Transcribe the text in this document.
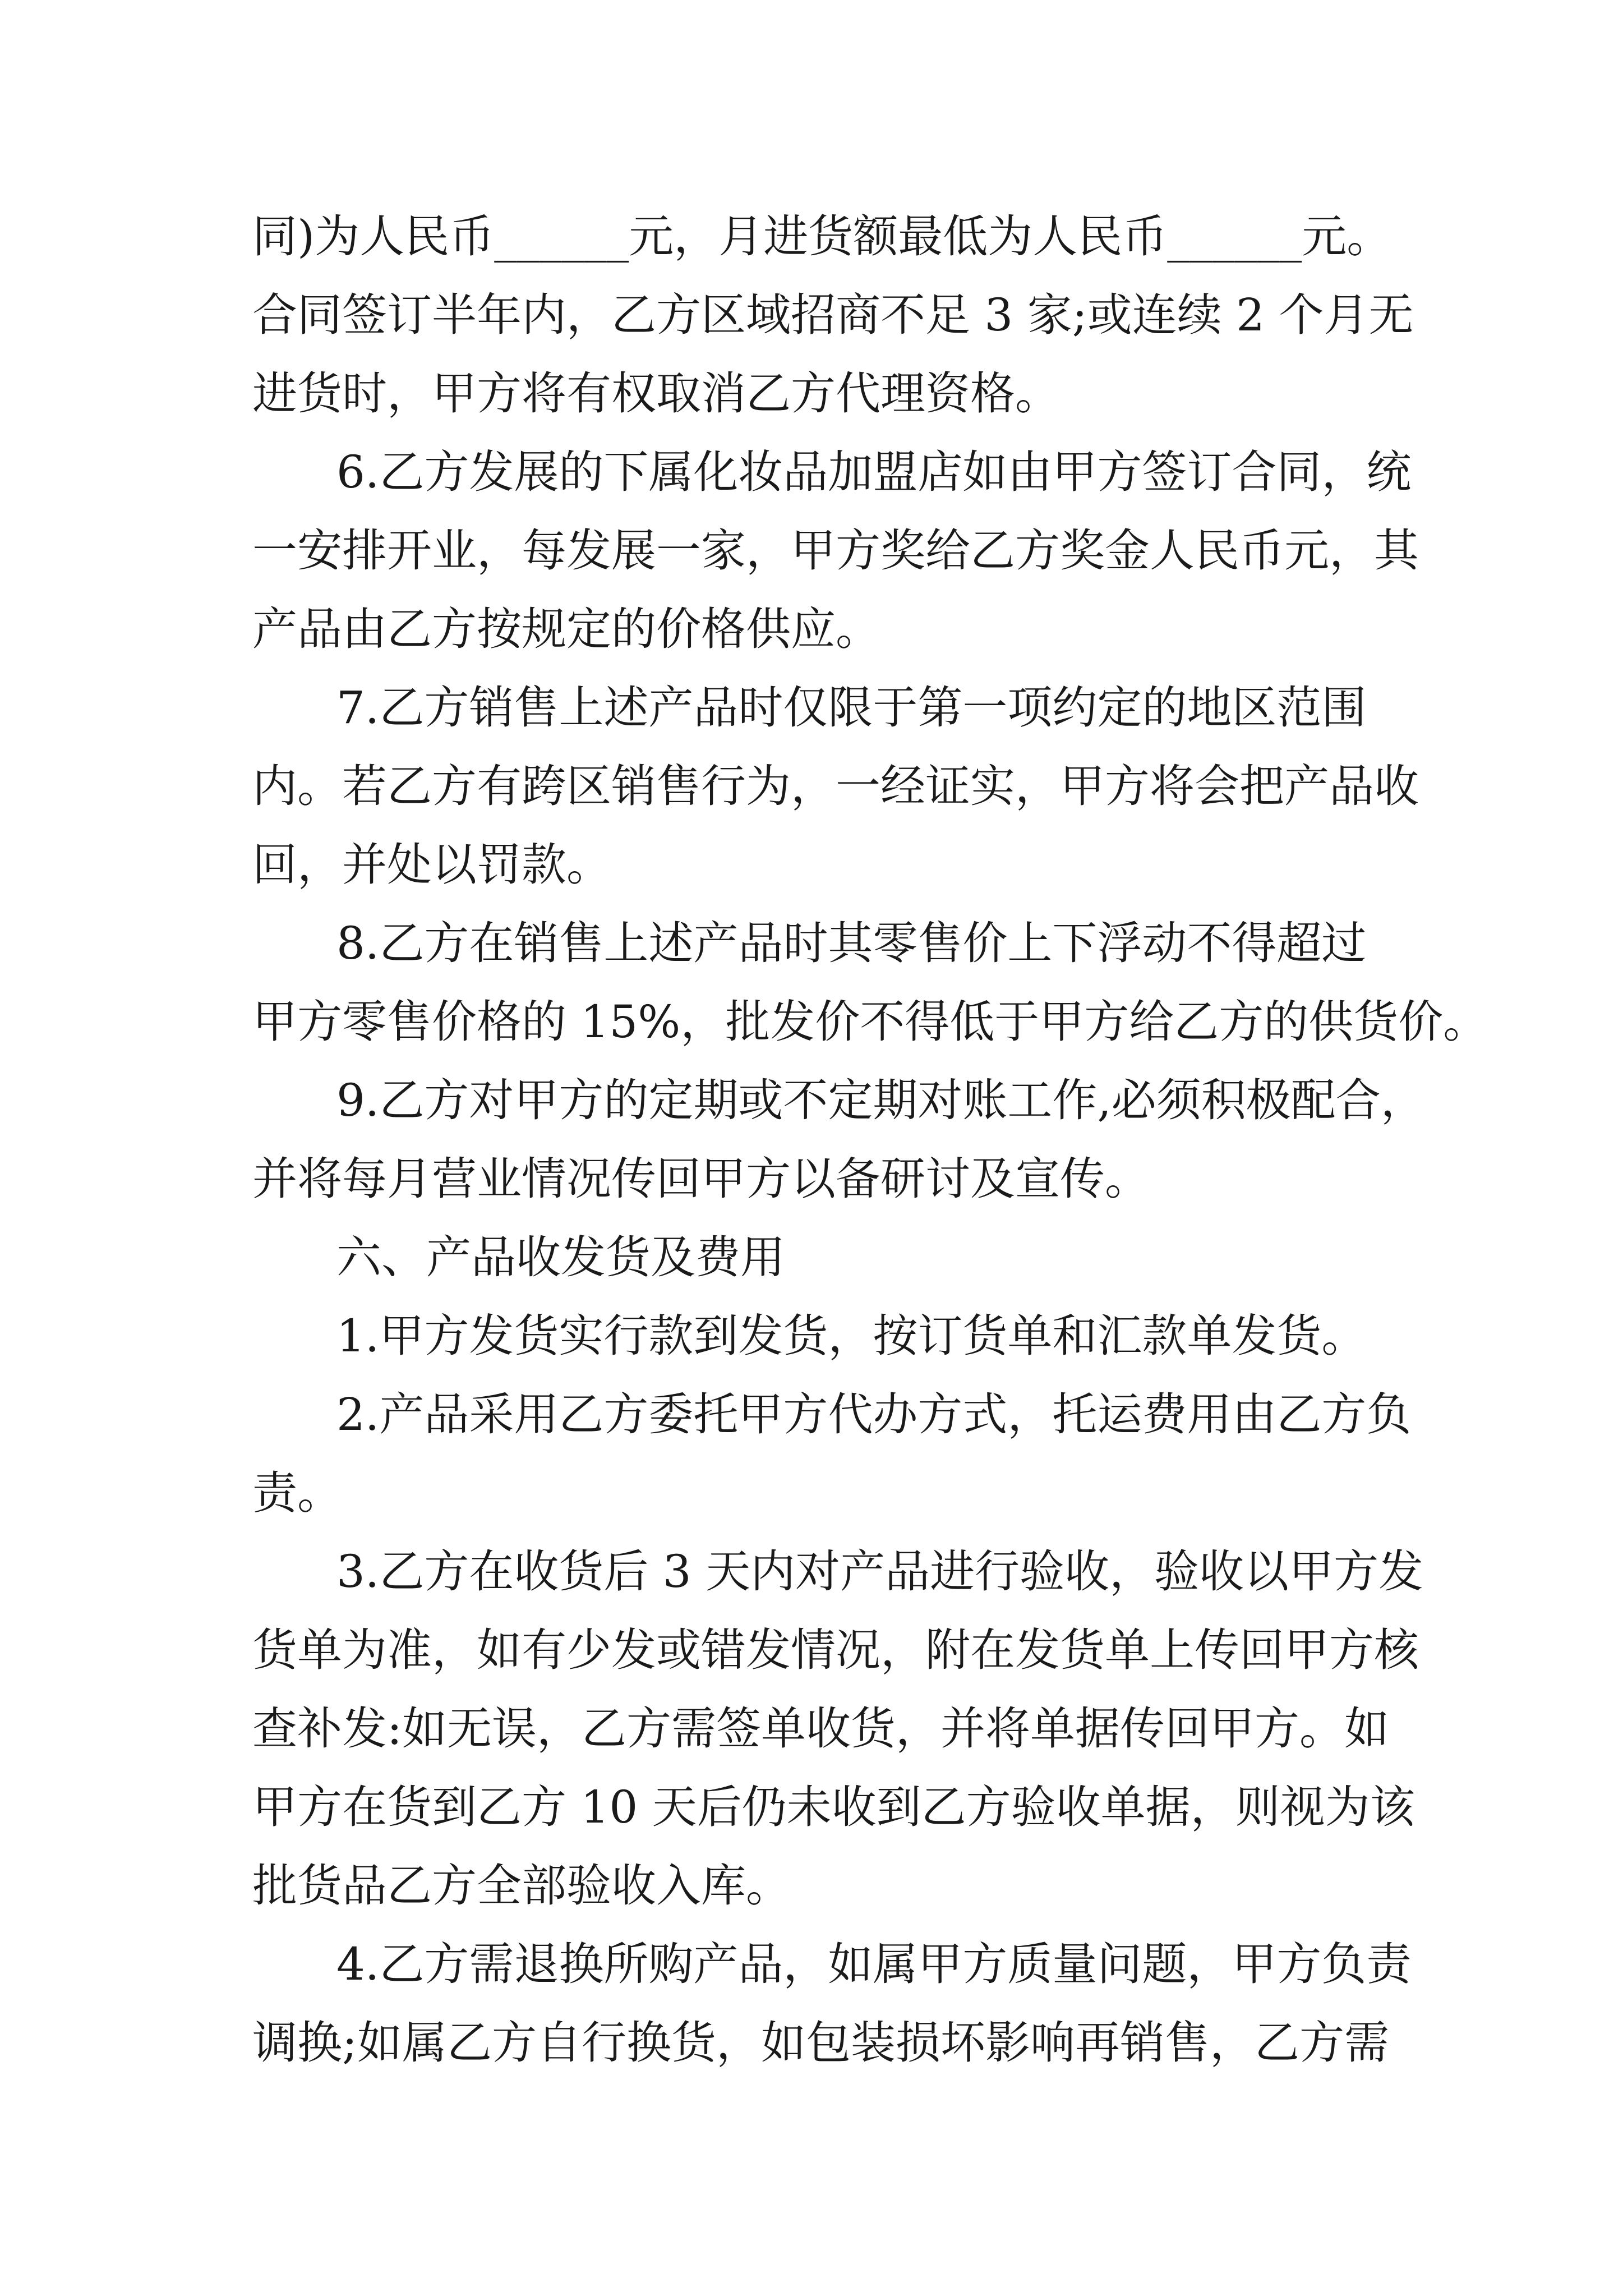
同)为人民币______元，月进货额最低为人民币______元。
合同签订半年内，乙方区域招商不足 3 家;或连续 2 个月无
进货时，甲方将有权取消乙方代理资格。
6.乙方发展的下属化妆品加盟店如由甲方签订合同，统
一安排开业，每发展一家，甲方奖给乙方奖金人民币元，其
产品由乙方按规定的价格供应。
7.乙方销售上述产品时仅限于第一项约定的地区范围
内。若乙方有跨区销售行为，一经证实，甲方将会把产品收
回，并处以罚款。
8.乙方在销售上述产品时其零售价上下浮动不得超过
甲方零售价格的 15%，批发价不得低于甲方给乙方的供货价。
9.乙方对甲方的定期或不定期对账工作,必须积极配合，
并将每月营业情况传回甲方以备研讨及宣传。
六、产品收发货及费用
1.甲方发货实行款到发货，按订货单和汇款单发货。
2.产品采用乙方委托甲方代办方式，托运费用由乙方负
责。
3.乙方在收货后 3 天内对产品进行验收，验收以甲方发
货单为准，如有少发或错发情况，附在发货单上传回甲方核
查补发:如无误，乙方需签单收货，并将单据传回甲方。如
甲方在货到乙方 10 天后仍未收到乙方验收单据，则视为该
批货品乙方全部验收入库。
4.乙方需退换所购产品，如属甲方质量问题，甲方负责
调换;如属乙方自行换货，如包装损坏影响再销售，乙方需
